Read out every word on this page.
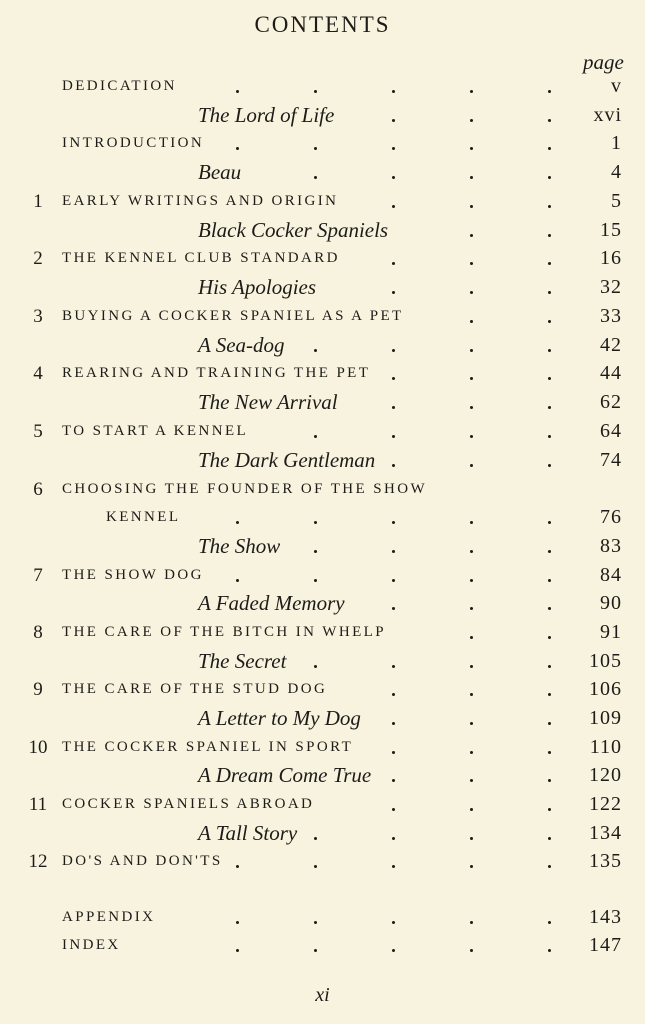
CONTENTS
page
DEDICATION	v
The Lord of Life	xvi
INTRODUCTION	1
Beau	4
1	EARLY WRITINGS AND ORIGIN	5
Black Cocker Spaniels	15
2	THE KENNEL CLUB STANDARD	16
His Apologies	32
3	BUYING A COCKER SPANIEL AS A PET	33
A Sea-dog	42
4	REARING AND TRAINING THE PET	44
The New Arrival	62
5	TO START A KENNEL	64
The Dark Gentleman	74
6	CHOOSING THE FOUNDER OF THE SHOW
KENNEL	76
The Show	83
7	THE SHOW DOG	84
A Faded Memory	90
8	THE CARE OF THE BITCH IN WHELP	91
The Secret	105
9	THE CARE OF THE STUD DOG	106
A Letter to My Dog	109
10 THE COCKER SPANIEL IN SPORT	110
A Dream Come True	120
11 COCKER SPANIELS ABROAD	122
A Tall Story	134
12 DO'S AND DON'TS	135
APPENDIX	143
INDEX	147
xi
